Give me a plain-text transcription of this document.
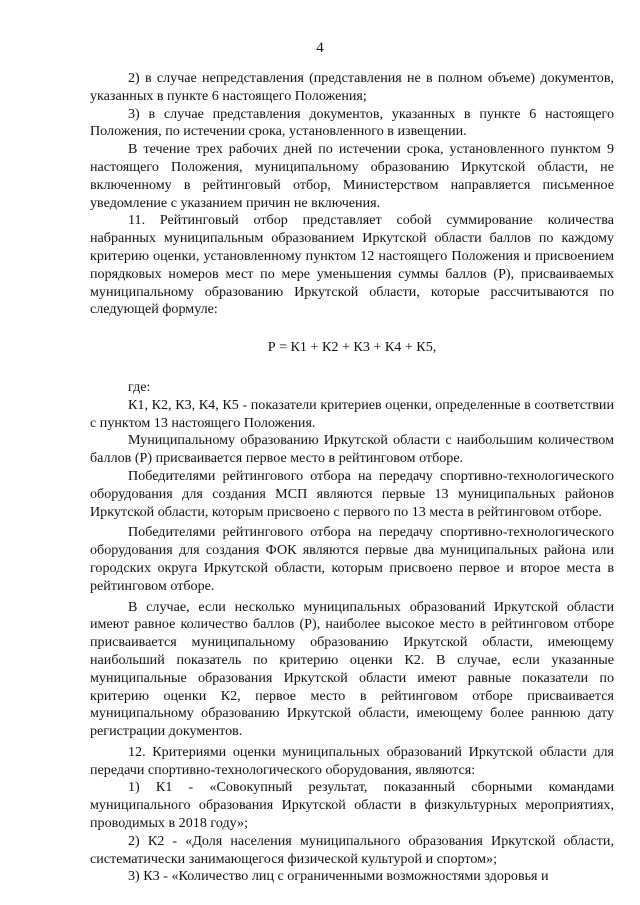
4

2) в случае непредставления (представления не в полном объеме) документов, указанных в пункте 6 настоящего Положения;

3) в случае представления документов, указанных в пункте 6 настоящего Положения, по истечении срока, установленного в извещении.

В течение трех рабочих дней по истечении срока, установленного пунктом 9 настоящего Положения, муниципальному образованию Иркутской области, не включенному в рейтинговый отбор, Министерством направляется письменное уведомление с указанием причин не включения.

11. Рейтинговый отбор представляет собой суммирование количества набранных муниципальным образованием Иркутской области баллов по каждому критерию оценки, установленному пунктом 12 настоящего Положения и присвоением порядковых номеров мест по мере уменьшения суммы баллов (Р), присваиваемых муниципальному образованию Иркутской области, которые рассчитываются по следующей формуле:

Р = К1 + К2 + К3 + К4 + К5,

где:

К1, К2, К3, К4, К5 - показатели критериев оценки, определенные в соответствии с пунктом 13 настоящего Положения.

Муниципальному образованию Иркутской области с наибольшим количеством баллов (Р) присваивается первое место в рейтинговом отборе.

Победителями рейтингового отбора на передачу спортивно-технологического оборудования для создания МСП являются первые 13 муниципальных районов Иркутской области, которым присвоено с первого по 13 места в рейтинговом отборе.

Победителями рейтингового отбора на передачу спортивно-технологического оборудования для создания ФОК являются первые два муниципальных района или городских округа Иркутской области, которым присвоено первое и второе места в рейтинговом отборе.

В случае, если несколько муниципальных образований Иркутской области имеют равное количество баллов (Р), наиболее высокое место в рейтинговом отборе присваивается муниципальному образованию Иркутской области, имеющему наибольший показатель по критерию оценки К2. В случае, если указанные муниципальные образования Иркутской области имеют равные показатели по критерию оценки К2, первое место в рейтинговом отборе присваивается муниципальному образованию Иркутской области, имеющему более раннюю дату регистрации документов.

12. Критериями оценки муниципальных образований Иркутской области для передачи спортивно-технологического оборудования, являются:

1) К1 - «Совокупный результат, показанный сборными командами муниципального образования Иркутской области в физкультурных мероприятиях, проводимых в 2018 году»;

2) К2 - «Доля населения муниципального образования Иркутской области, систематически занимающегося физической культурой и спортом»;

3) К3 - «Количество лиц с ограниченными возможностями здоровья и
